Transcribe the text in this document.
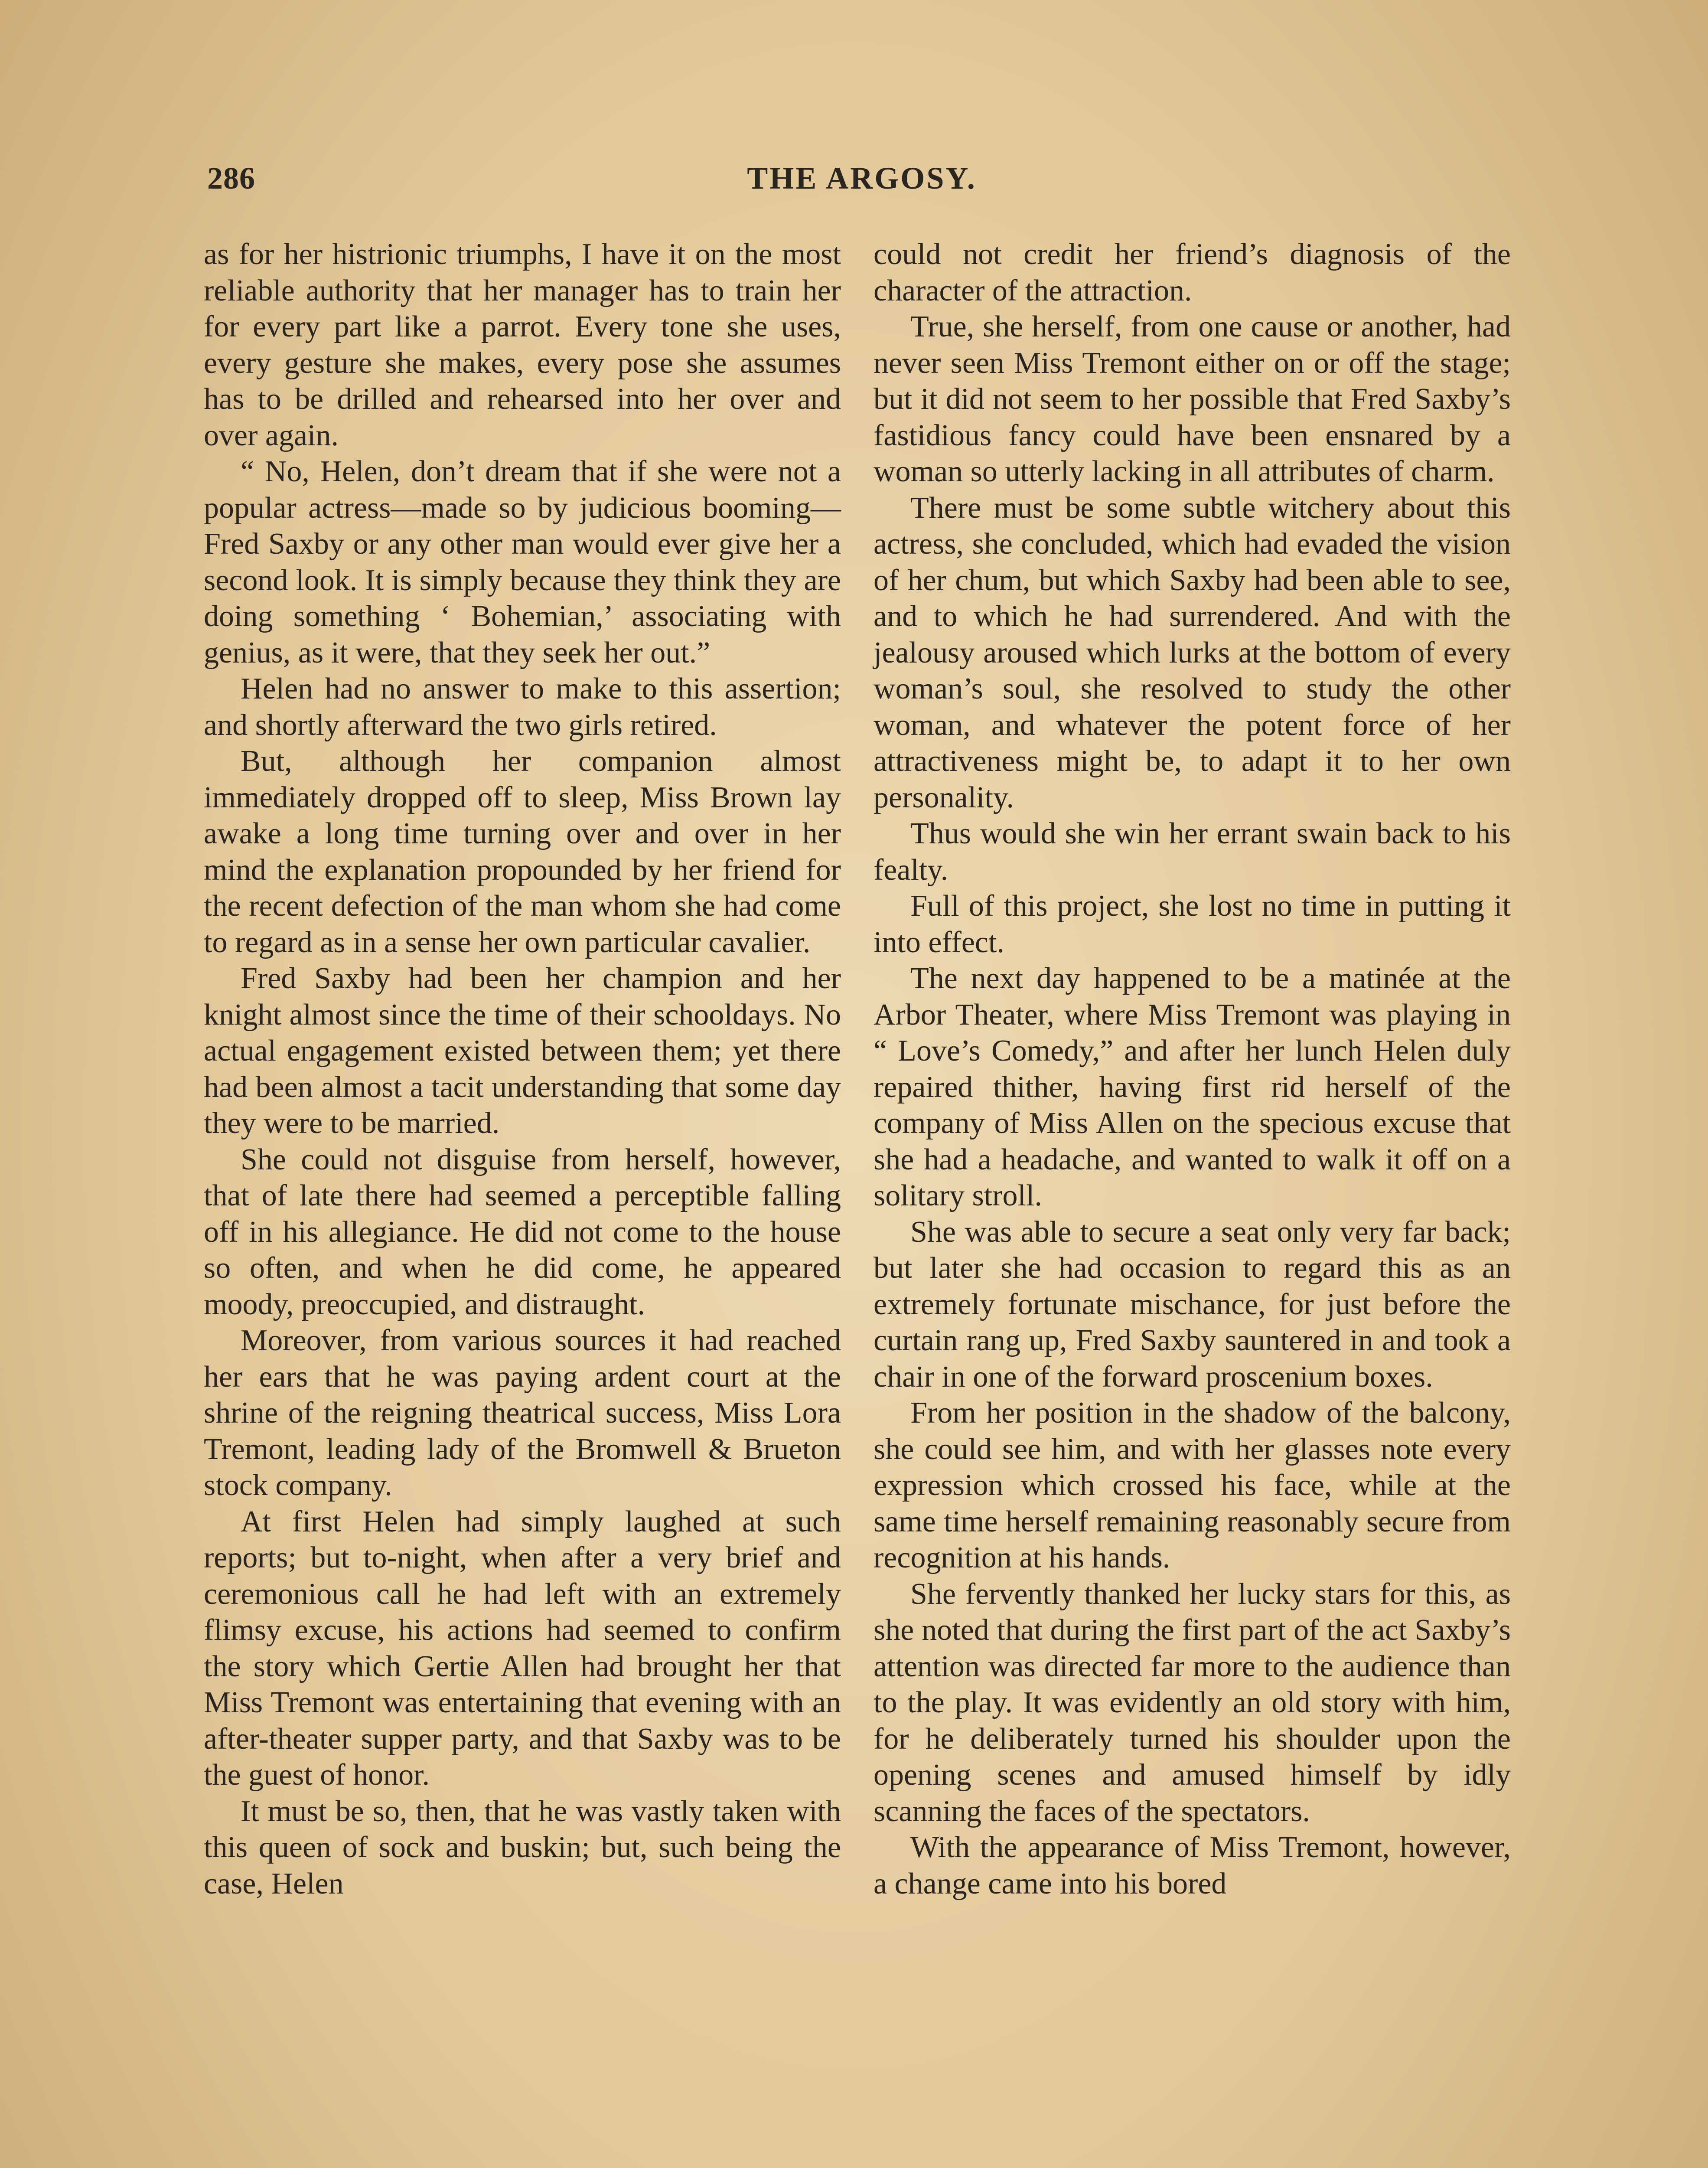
286	THE ARGOSY.

as for her histrionic triumphs, I have it on the most reliable authority that her manager has to train her for every part like a parrot. Every tone she uses, every gesture she makes, every pose she assumes has to be drilled and rehearsed into her over and over again.

“ No, Helen, don’t dream that if she were not a popular actress—made so by judicious booming—Fred Saxby or any other man would ever give her a second look. It is simply because they think they are doing something ‘ Bohemian,’ associating with genius, as it were, that they seek her out.”

Helen had no answer to make to this assertion; and shortly afterward the two girls retired.

But, although her companion almost immediately dropped off to sleep, Miss Brown lay awake a long time turning over and over in her mind the explanation propounded by her friend for the recent defection of the man whom she had come to regard as in a sense her own particular cavalier.

Fred Saxby had been her champion and her knight almost since the time of their schooldays. No actual engagement existed between them; yet there had been almost a tacit understanding that some day they were to be married.

She could not disguise from herself, however, that of late there had seemed a perceptible falling off in his allegiance. He did not come to the house so often, and when he did come, he appeared moody, preoccupied, and distraught.

Moreover, from various sources it had reached her ears that he was paying ardent court at the shrine of the reigning theatrical success, Miss Lora Tremont, leading lady of the Bromwell & Brueton stock company.

At first Helen had simply laughed at such reports; but to-night, when after a very brief and ceremonious call he had left with an extremely flimsy excuse, his actions had seemed to confirm the story which Gertie Allen had brought her that Miss Tremont was entertaining that evening with an after-theater supper party, and that Saxby was to be the guest of honor.

It must be so, then, that he was vastly taken with this queen of sock and buskin; but, such being the case, Helen

could not credit her friend’s diagnosis of the character of the attraction.

True, she herself, from one cause or another, had never seen Miss Tremont either on or off the stage; but it did not seem to her possible that Fred Saxby’s fastidious fancy could have been ensnared by a woman so utterly lacking in all attributes of charm.

There must be some subtle witchery about this actress, she concluded, which had evaded the vision of her chum, but which Saxby had been able to see, and to which he had surrendered. And with the jealousy aroused which lurks at the bottom of every woman’s soul, she resolved to study the other woman, and whatever the potent force of her attractiveness might be, to adapt it to her own personality.

Thus would she win her errant swain back to his fealty.

Full of this project, she lost no time in putting it into effect.

The next day happened to be a matinée at the Arbor Theater, where Miss Tremont was playing in “ Love’s Comedy,” and after her lunch Helen duly repaired thither, having first rid herself of the company of Miss Allen on the specious excuse that she had a headache, and wanted to walk it off on a solitary stroll.

She was able to secure a seat only very far back; but later she had occasion to regard this as an extremely fortunate mischance, for just before the curtain rang up, Fred Saxby sauntered in and took a chair in one of the forward proscenium boxes.

From her position in the shadow of the balcony, she could see him, and with her glasses note every expression which crossed his face, while at the same time herself remaining reasonably secure from recognition at his hands.

She fervently thanked her lucky stars for this, as she noted that during the first part of the act Saxby’s attention was directed far more to the audience than to the play. It was evidently an old story with him, for he deliberately turned his shoulder upon the opening scenes and amused himself by idly scanning the faces of the spectators.

With the appearance of Miss Tremont, however, a change came into his bored
